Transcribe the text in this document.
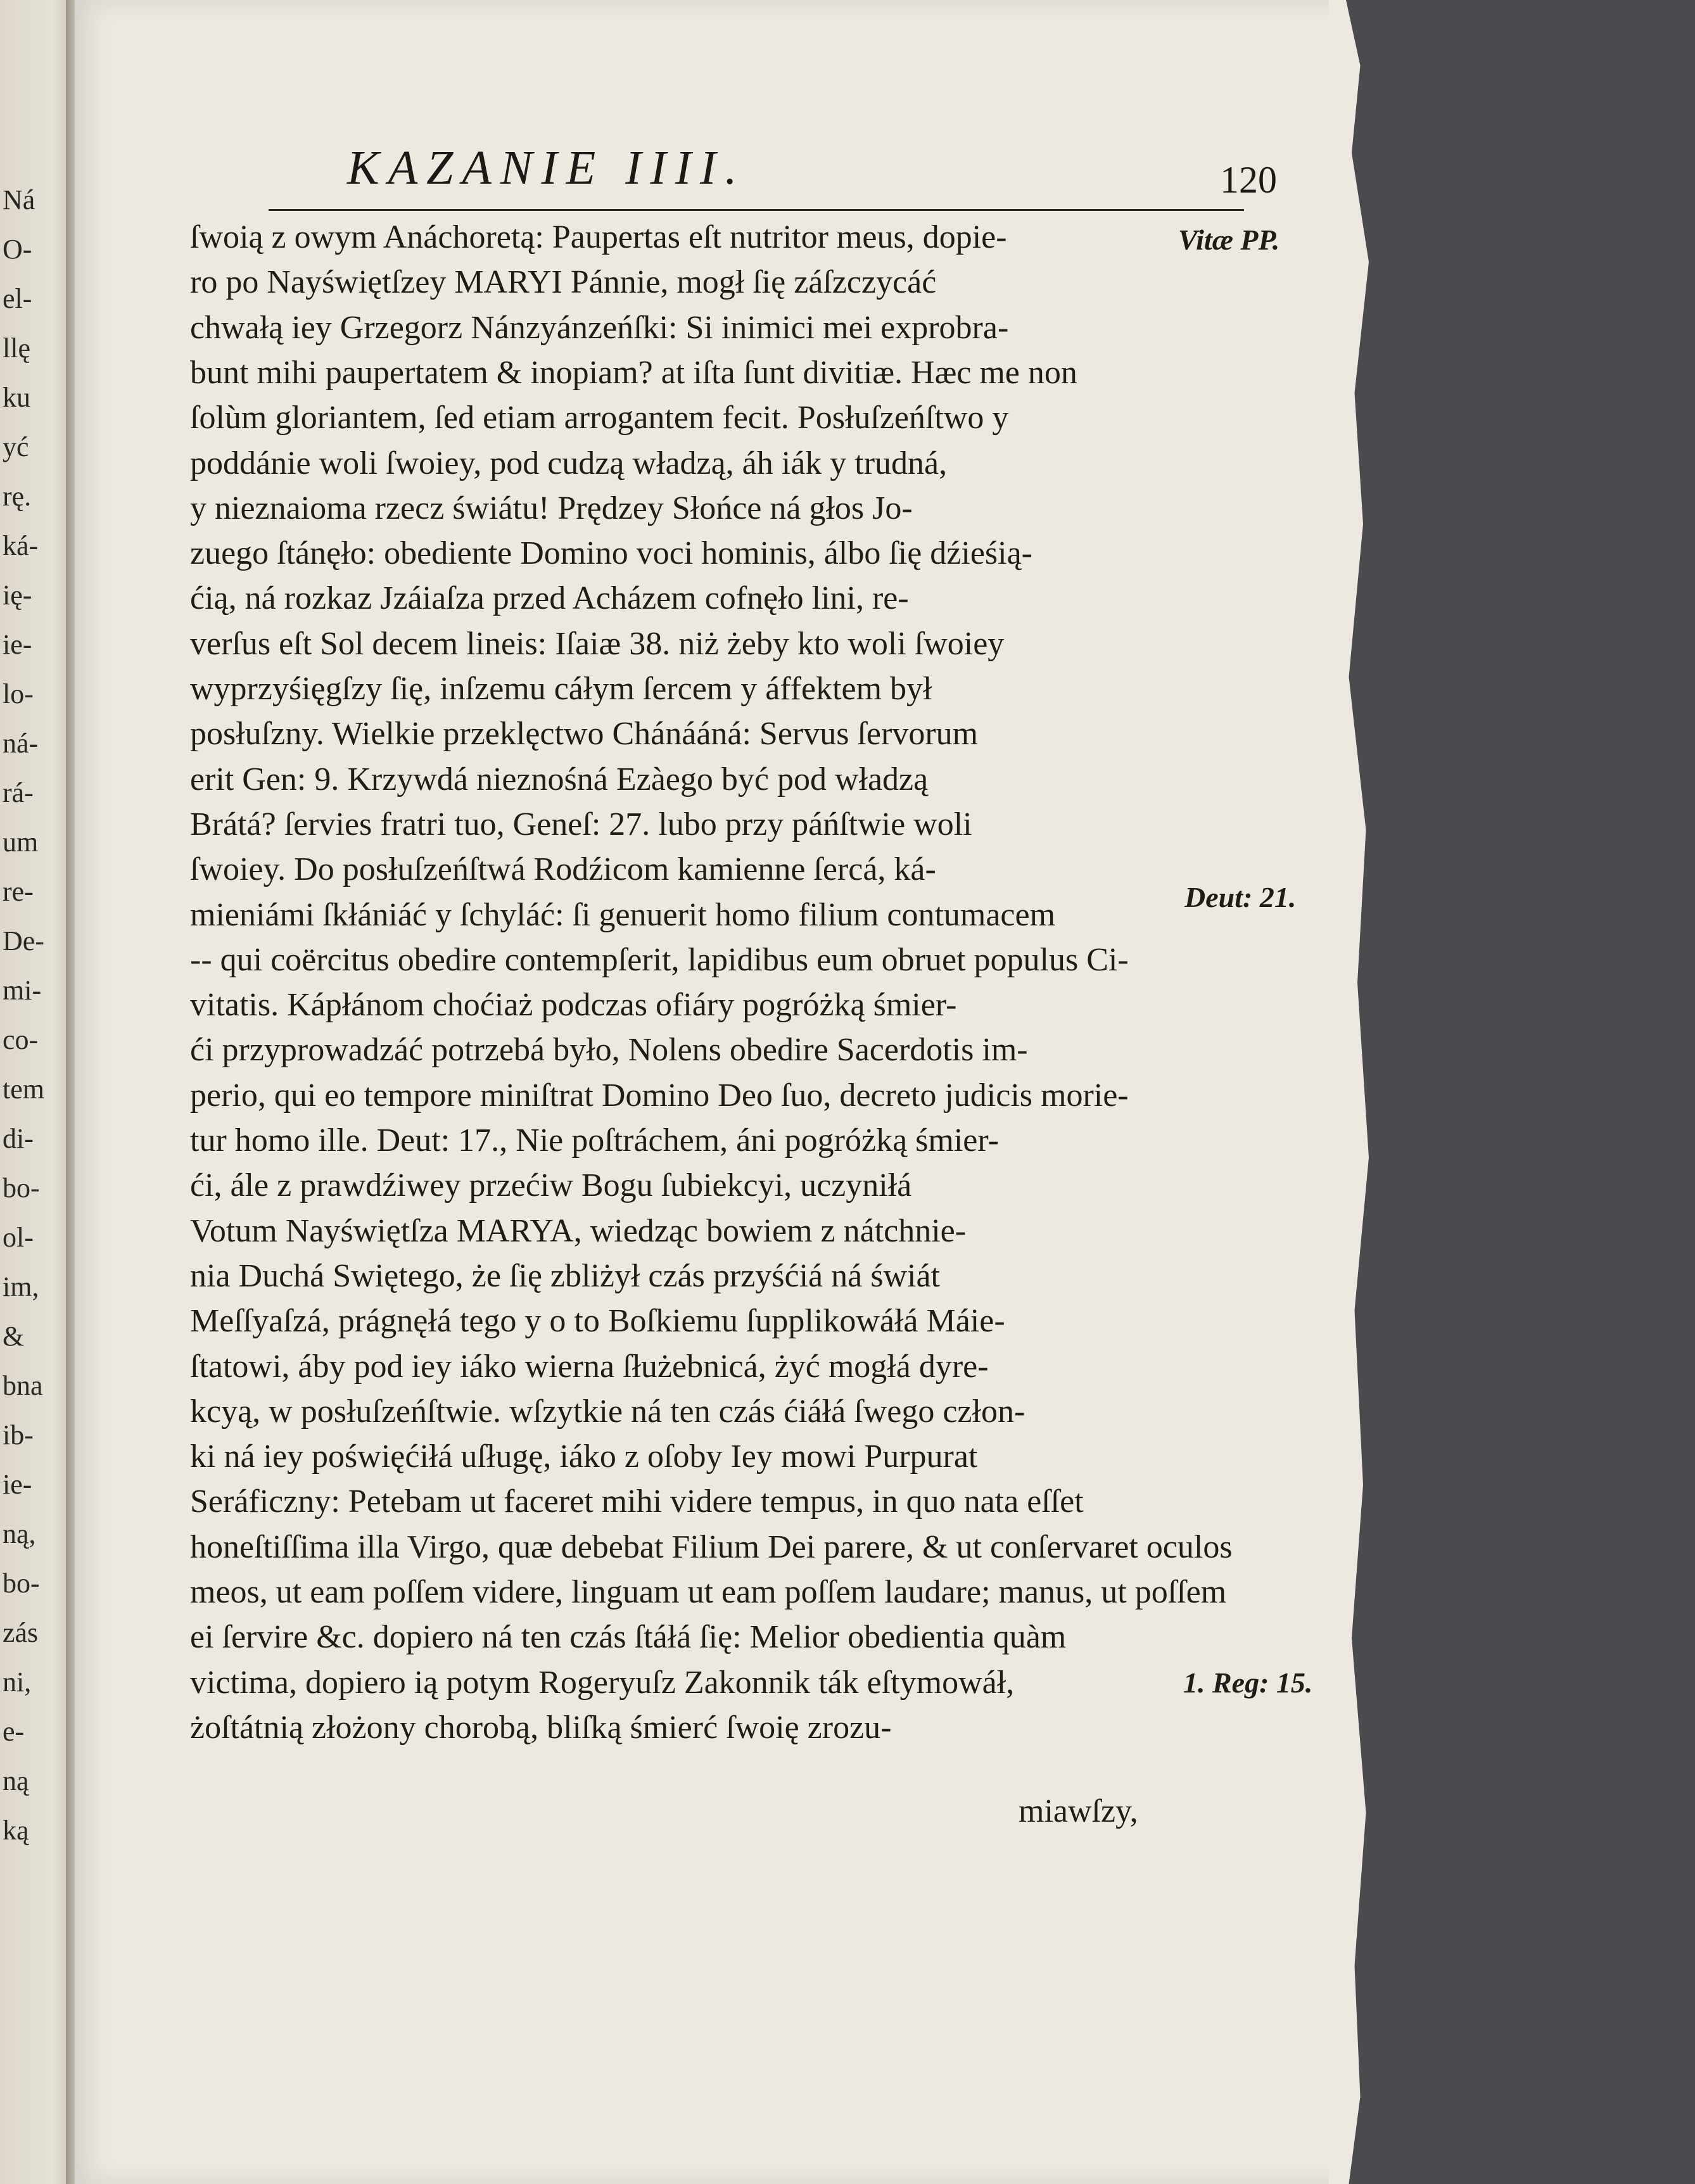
Ná
O-
el-
llę
ku
yć
rę.
ká-
ię-
ie-
lo-
ná-
rá-
um
re-
De-
mi-
co-
tem
di-
bo-
ol-
im,
&
bna
ib-
ie-
ną,
bo-
zás
ni,
e-
ną
ką
KAZANIE IIII.	120
ſwoią z owym Anáchoretą: Paupertas eſt nutritor meus, dopie-
ro po Nayświętſzey MARYI Pánnie, mogł ſię záſzczycáć
chwałą iey Grzegorz Nánzyánzeńſki: Si inimici mei exprobra-
bunt mihi paupertatem & inopiam? at iſta ſunt divitiæ. Hæc me non
ſolùm gloriantem, ſed etiam arrogantem fecit. Posłuſzeńſtwo y
poddánie woli ſwoiey, pod cudzą władzą, áh iák y trudná,
y nieznaioma rzecz świátu! Prędzey Słońce ná głos Jo-
zuego ſtánęło: obediente Domino voci hominis, álbo ſię dźieśią-
ćią, ná rozkaz Jzáiaſza przed Acházem cofnęło lini, re-
verſus eſt Sol decem lineis: Iſaiæ 38. niż żeby kto woli ſwoiey
wyprzyśięgſzy ſię, inſzemu cáłym ſercem y áffektem był
posłuſzny. Wielkie przeklęctwo Chánááná: Servus ſervorum
erit Gen: 9. Krzywdá nieznośná Ezàego być pod władzą
Brátá? ſervies fratri tuo, Geneſ: 27. lubo przy páńſtwie woli
ſwoiey. Do posłuſzeńſtwá Rodźicom kamienne ſercá, ká-
mieniámi ſkłániáć y ſchyláć: ſi genuerit homo filium contumacem
-- qui coërcitus obedire contempſerit, lapidibus eum obruet populus Ci-
vitatis. Kápłánom choćiaż podczas ofiáry pogróżką śmier-
ći przyprowadzáć potrzebá było, Nolens obedire Sacerdotis im-
perio, qui eo tempore miniſtrat Domino Deo ſuo, decreto judicis morie-
tur homo ille. Deut: 17., Nie poſtráchem, áni pogróżką śmier-
ći, ále z prawdźiwey przećiw Bogu ſubiekcyi, uczyniłá
Votum Nayświętſza MARYA, wiedząc bowiem z nátchnie-
nia Duchá Swiętego, że ſię zbliżył czás przyśćiá ná świát
Meſſyaſzá, prágnęłá tego y o to Boſkiemu ſupplikowáłá Máie-
ſtatowi, áby pod iey iáko wierna ſłużebnicá, żyć mogłá dyre-
kcyą, w posłuſzeńſtwie. wſzytkie ná ten czás ćiáłá ſwego człon-
ki ná iey poświęćiłá uſługę, iáko z oſoby Iey mowi Purpurat
Seráficzny: Petebam ut faceret mihi videre tempus, in quo nata eſſet
honeſtiſſima illa Virgo, quæ debebat Filium Dei parere, & ut conſervaret oculos
meos, ut eam poſſem videre, linguam ut eam poſſem laudare; manus, ut poſſem
ei ſervire &c. dopiero ná ten czás ſtáłá ſię: Melior obedientia quàm
victima, dopiero ią potym Rogeryuſz Zakonnik ták eſtymowáł,
żoſtátnią złożony chorobą, bliſką śmierć ſwoię zrozu-
miawſzy,
Vitæ PP.
Deut: 21.
1. Reg: 15.
